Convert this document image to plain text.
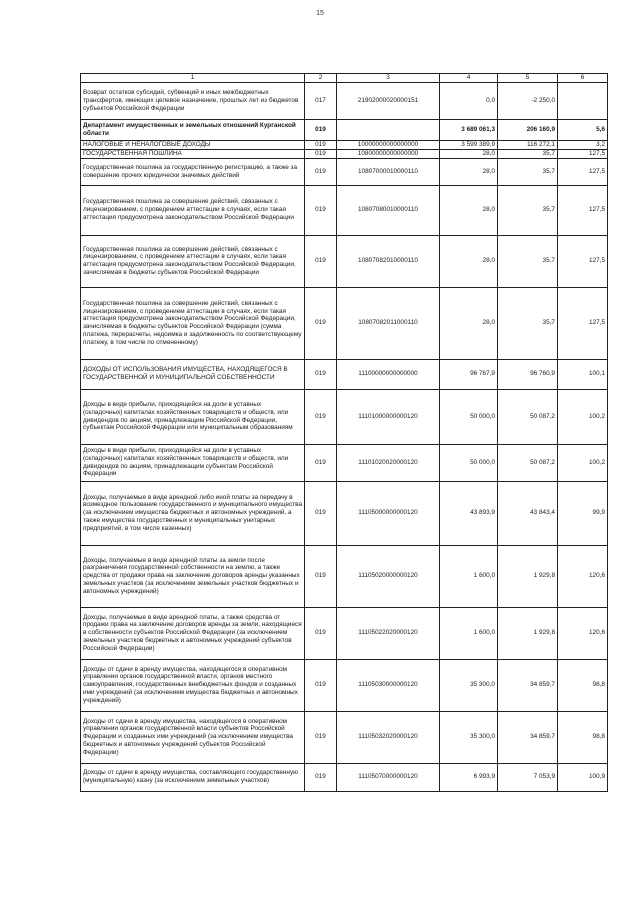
15
1	2	3	4	5	6
Возврат остатков субсидий, субвенций и иных межбюджетных трансфертов, имеющих целевое назначение, прошлых лет из бюджетов субъектов Российской Федерации	017	21902000020000151	0,0	-2 250,0	
Департамент имущественных и земельных отношений Курганской области	019		3 689 061,3	206 160,9	5,6
НАЛОГОВЫЕ И НЕНАЛОГОВЫЕ ДОХОДЫ	019	10000000000000000	3 599 389,9	116 272,1	3,2
ГОСУДАРСТВЕННАЯ ПОШЛИНА	019	10800000000000000	28,0	35,7	127,5
Государственная пошлина за государственную регистрацию, а также за совершение прочих юридически значимых действий	019	10807000010000110	28,0	35,7	127,5
Государственная пошлина за совершение действий, связанных с лицензированием, с проведением аттестации в случаях, если такая аттестация предусмотрена законодательством Российской Федерации	019	10807080010000110	28,0	35,7	127,5
Государственная пошлина за совершение действий, связанных с лицензированием, с проведением аттестации в случаях, если такая аттестация предусмотрена законодательством Российской Федерации, зачисляемая в бюджеты субъектов Российской Федерации	019	10807082010000110	28,0	35,7	127,5
Государственная пошлина за совершение действий, связанных с лицензированием, с проведением аттестации в случаях, если такая аттестация предусмотрена законодательством Российской Федерации, зачисляемая в бюджеты субъектов Российской Федерации (сумма платежа, перерасчеты, недоимка и задолженность по соответствующему платежу, в том числе по отмененному)	019	10807082011000110	28,0	35,7	127,5
ДОХОДЫ ОТ ИСПОЛЬЗОВАНИЯ ИМУЩЕСТВА, НАХОДЯЩЕГОСЯ В ГОСУДАРСТВЕННОЙ И МУНИЦИПАЛЬНОЙ СОБСТВЕННОСТИ	019	11100000000000000	96 767,9	96 760,9	100,1
Доходы в виде прибыли, приходящейся на доли в уставных (складочных) капиталах хозяйственных товариществ и обществ, или дивидендов по акциям, принадлежащим Российской Федерации, субъектам Российской Федерации или муниципальным образованиям	019	11101000000000120	50 000,0	50 087,2	100,2
Доходы в виде прибыли, приходящейся на доли в уставных (складочных) капиталах хозяйственных товариществ и обществ, или дивидендов по акциям, принадлежащим субъектам Российской Федерации	019	11101020020000120	50 000,0	50 087,2	100,2
Доходы, получаемые в виде арендной либо иной платы за передачу в возмездное пользование государственного и муниципального имущества (за исключением имущества бюджетных и автономных учреждений, а также имущества государственных и муниципальных унитарных предприятий, в том числе казенных)	019	11105000000000120	43 893,9	43 843,4	99,9
Доходы, получаемые в виде арендной платы за земли после разграничения государственной собственности на землю, а также средства от продажи права на заключение договоров аренды указанных земельных участков (за исключением земельных участков бюджетных и автономных учреждений)	019	11105020000000120	1 600,0	1 929,8	120,6
Доходы, получаемые в виде арендной платы, а также средства от продажи права на заключение договоров аренды за земли, находящиеся в собственности субъектов Российской Федерации (за исключением земельных участков бюджетных и автономных учреждений субъектов Российской Федерации)	019	11105022020000120	1 600,0	1 929,8	120,6
Доходы от сдачи в аренду имущества, находящегося в оперативном управлении органов государственной власти, органов местного самоуправления, государственных внебюджетных фондов и созданных ими учреждений (за исключением имущества бюджетных и автономных учреждений)	019	11105030000000120	35 300,0	34 859,7	98,8
Доходы от сдачи в аренду имущества, находящегося в оперативном управлении органов государственной власти субъектов Российской Федерации и созданных ими учреждений (за исключением имущества бюджетных и автономных учреждений субъектов Российской Федерации)	019	11105032020000120	35 300,0	34 859,7	98,8
Доходы от сдачи в аренду имущества, составляющего государственную (муниципальную) казну (за исключением земельных участков)	019	11105070000000120	6 993,9	7 053,9	100,9
